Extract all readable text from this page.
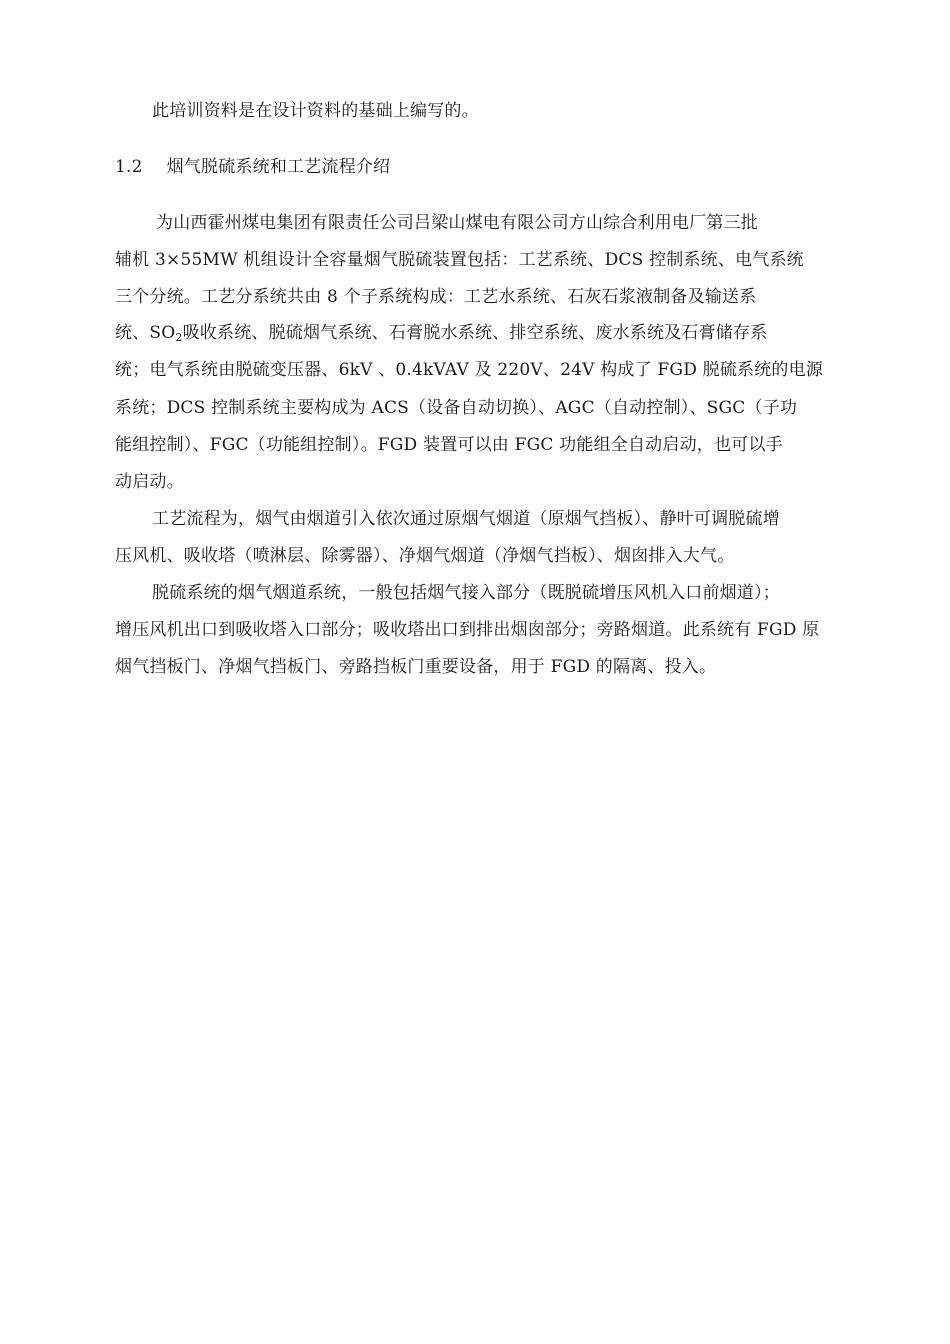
此培训资料是在设计资料的基础上编写的。
1.2 烟气脱硫系统和工艺流程介绍
为山西霍州煤电集团有限责任公司吕梁山煤电有限公司方山综合利用电厂第三批
辅机 3×55MW 机组设计全容量烟气脱硫装置包括：工艺系统、DCS 控制系统、电气系统
三个分统。工艺分系统共由 8 个子系统构成：工艺水系统、石灰石浆液制备及输送系
统、$SO_2$吸收系统、脱硫烟气系统、石膏脱水系统、排空系统、废水系统及石膏储存系
统；电气系统由脱硫变压器、6kV 、0.4kVAV 及 220V、24V 构成了 FGD 脱硫系统的电源
系统；DCS 控制系统主要构成为 ACS（设备自动切换）、AGC（自动控制）、SGC（子功
能组控制）、FGC（功能组控制）。FGD 装置可以由 FGC 功能组全自动启动，也可以手
动启动。
工艺流程为，烟气由烟道引入依次通过原烟气烟道（原烟气挡板）、静叶可调脱硫增
压风机、吸收塔（喷淋层、除雾器）、净烟气烟道（净烟气挡板）、烟囱排入大气。
脱硫系统的烟气烟道系统，一般包括烟气接入部分（既脱硫增压风机入口前烟道）；
增压风机出口到吸收塔入口部分；吸收塔出口到排出烟囱部分；旁路烟道。此系统有 FGD 原
烟气挡板门、净烟气挡板门、旁路挡板门重要设备，用于 FGD 的隔离、投入。
